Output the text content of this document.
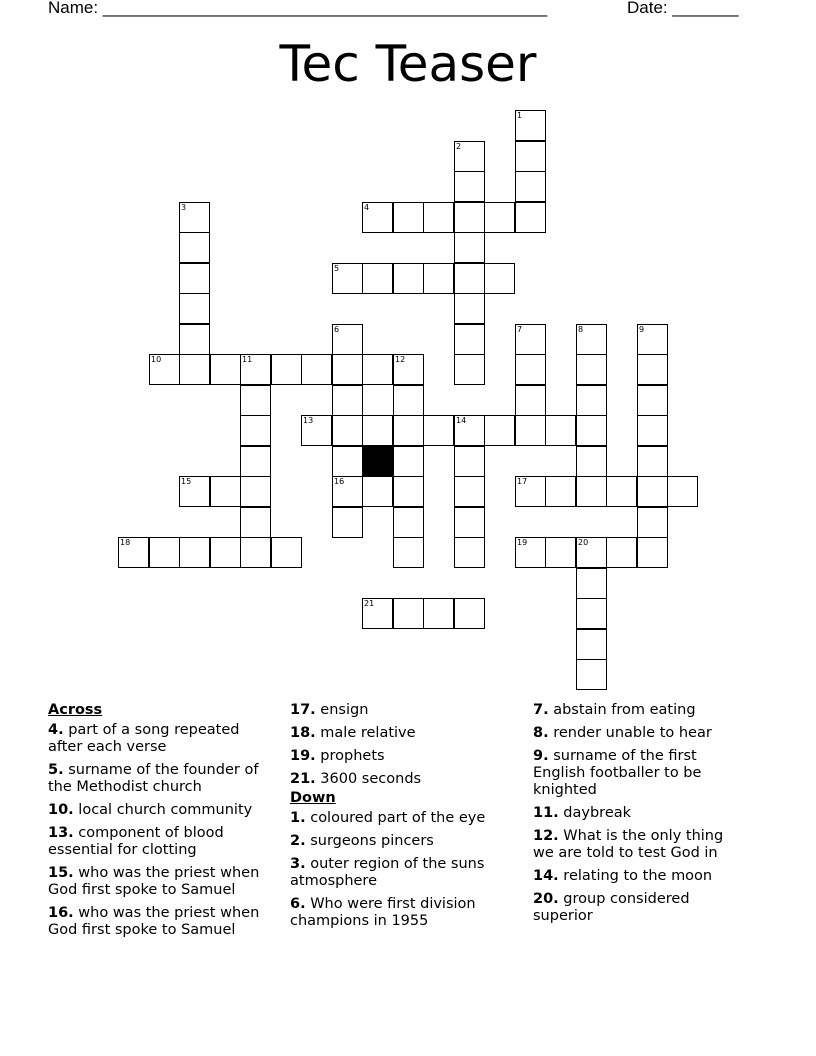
Name: _______________________________________________	Date: _______
Tec Teaser
4
5
10
13
15	16	17
18	19
21
1
2
3
6	7	8	9
11	12
14
20
Across
4. part of a song repeated after each verse
5. surname of the founder of the Methodist church
10. local church community
13. component of blood essential for clotting
15. who was the priest when God first spoke to Samuel
16. who was the priest when God first spoke to Samuel
17. ensign
18. male relative
19. prophets
21. 3600 seconds
Down
1. coloured part of the eye
2. surgeons pincers
3. outer region of the suns atmosphere
6. Who were first division champions in 1955
7. abstain from eating
8. render unable to hear
9. surname of the first English footballer to be knighted
11. daybreak
12. What is the only thing we are told to test God in
14. relating to the moon
20. group considered superior
